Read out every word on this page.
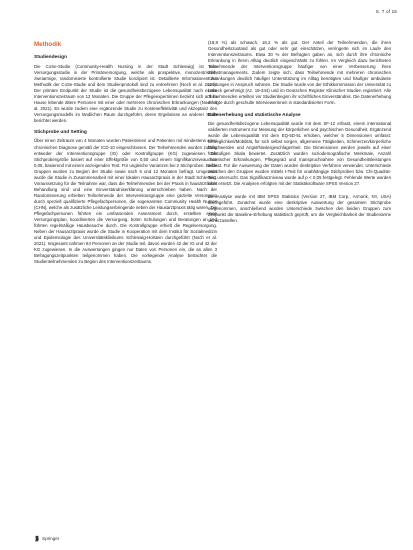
S. 7 of 15
Methodik
Studiendesign

Die CoSe-Studie (Community-Health Nursing in der Stadt Schleswig) ist eine Versorgungsstudie in der Primärversorgung, welche als prospektive, monozentrische, zweiarmige, randomisierte kontrollierte Studie konzipiert ist. Detaillierte Informationen zur Methodik der CoSe-Studie und dem Studienprotokoll sind zu entnehmen (Noch et al. 2021). Der primäre Endpunkt der Studie ist die gesundheitsbezogene Lebensqualität nach einem Interventionszeitraum von 12 Monaten. Die Gruppe der Pflegeexpertinnen bezieht sich auf zu Hause lebende ältere Personen mit einer oder mehreren chronischen Erkrankungen (Noch et al. 2021). Es wurde zudem eine ergänzende Studie zu Kosteneffektivität und Akzeptanz des Versorgungsmodells im ländlichen Raum durchgeführt, deren Ergebnisse an anderer Stelle berichtet werden.

Stichprobe und Setting

Über einen Zeitraum von 4 Monaten wurden Patientinnen und Patienten mit mindestens einer chronischen Diagnose gemäß der ICD-10 eingeschlossen. Der Teilnehmenden wurden zufällig entweder der Interventionsgruppe (IG) oder Kontrollgruppe (KG) zugewiesen. Die Stichprobengröße basiert auf einer Effektgröße von 0,50 und einem Signifikanzniveau von 0,05, basierend mit einem anzeigenden Test. Für ungleiche Varianzen bei 2 Stichproben. Beide Gruppen wurden zu Beginn der Studie sowie nach 6 und 12 Monaten befragt. Umgesetzt wurde die Studie in Zusammenarbeit mit einer lokalen Hausarztpraxis in der Stadt Schleswig. Voraussetzung für die Teilnahme war, dass die Teilnehmenden bei der Praxis in hausärztlicher Behandlung sind und eine Einverständniserklärung unterschrieben haben. Nach der Randomisierung erhielten Teilnehmende der Interventionsgruppe eine gezielte Versorgung durch speziell qualifizierte Pflegefachpersonen, die sogenannten Community Health Nurses (CHN), welche als zusätzliche Leistungserbringende neben der Hausarztpraxis tätig waren. Die Pflegefachpersonen führten ein umfassendes Assessment durch, erstellten einen Versorgungsplan, koordinierten die Versorgung, boten Schulungen und Beratungen an und führten regelmäßige Hausbesuche durch. Die Kontrollgruppe erhielt die Regelversorgung. Neben der Hausarztpraxis wurde die Studie in Kooperation mit dem Institut für Sozialmedizin und Epidemiologie des Universitätsklinikums Schleswig-Holstein durchgeführt (Noch et al. 2021). Insgesamt nahmen 84 Personen an der Studie teil, davon wurden 42 der IG und 42 der KG zugewiesen. In die Auswertungen gingen nur Daten von Personen ein, die an allen 3 Befragungszeitpunkten teilgenommen haben. Die vorliegende Analyse betrachtet die Studienteilnehmenden zu Beginn des Interventionszeitraums.

(19,8 %) als schwach, 18,2 % als gut. Der Anteil der Teilnehmenden, die ihren Gesundheitszustand als gut oder sehr gut einschätzen, verringerte sich im Laufe des Interventionszeitraums. Etwa 30 % der Befragten gaben an, sich durch ihre chronische Erkrankung in ihrem Alltag deutlich eingeschränkt zu fühlen. Im Vergleich dazu berichteten Teilnehmende der Interventionsgruppe häufiger von einer Verbesserung ihres Selbstmanagements. Zudem zeigte sich, dass Teilnehmende mit mehreren chronischen Erkrankungen deutlich häufiger Unterstützung im Alltag benötigten und häufiger ambulante Leistungen in Anspruch nahmen. Die Studie wurde von der Ethikkommission der Universität zu Lübeck genehmigt (Az. 19-344) und im Deutschen Register Klinischer Studien registriert. Alle Teilnehmenden erteilten vor Studienbeginn ihr schriftliches Einverständnis. Die Datenerhebung erfolgte durch geschulte Interviewerinnen in standardisierter Form.

Datenerhebung und statistische Analyse

Die gesundheitsbezogene Lebensqualität wurde mit dem SF-12 erfasst, einem international validierten Instrument zur Messung der körperlichen und psychischen Gesundheit. Ergänzend wurde die Lebensqualität mit dem EQ-5D-5L erhoben, welcher 5 Dimensionen umfasst: Beweglichkeit/Mobilität, für sich selbst sorgen, allgemeine Tätigkeiten, Schmerzen/körperliche Beschwerden und Angst/Niedergeschlagenheit. Die Dimensionen werden jeweils auf einer fünfstufigen Skala bewertet. Zusätzlich wurden soziodemografische Merkmale, Anzahl chronischer Erkrankungen, Pflegegrad und Inanspruchnahme von Gesundheitsleistungen erfasst. Für die Auswertung der Daten wurden deskriptive Verfahren verwendet. Unterschiede zwischen den Gruppen wurden mittels t-Test für unabhängige Stichproben bzw. Chi-Quadrat-Test untersucht. Das Signifikanzniveau wurde auf p < 0,05 festgelegt. Fehlende Werte wurden nicht ersetzt. Die Analysen erfolgten mit der Statistiksoftware SPSS Version 27.

Die Analyse wurde mit IBM SPSS Statistics (Version 27, IBM Corp., Armonk, NY, USA) durchgeführt. Zunächst wurde eine deskriptive Auswertung der gesamten Stichprobe vorgenommen, anschließend wurden Unterschiede zwischen den beiden Gruppen zum Zeitpunkt der Baseline-Erhebung statistisch geprüft, um die Vergleichbarkeit der Studienarme sicherzustellen.

Springer
